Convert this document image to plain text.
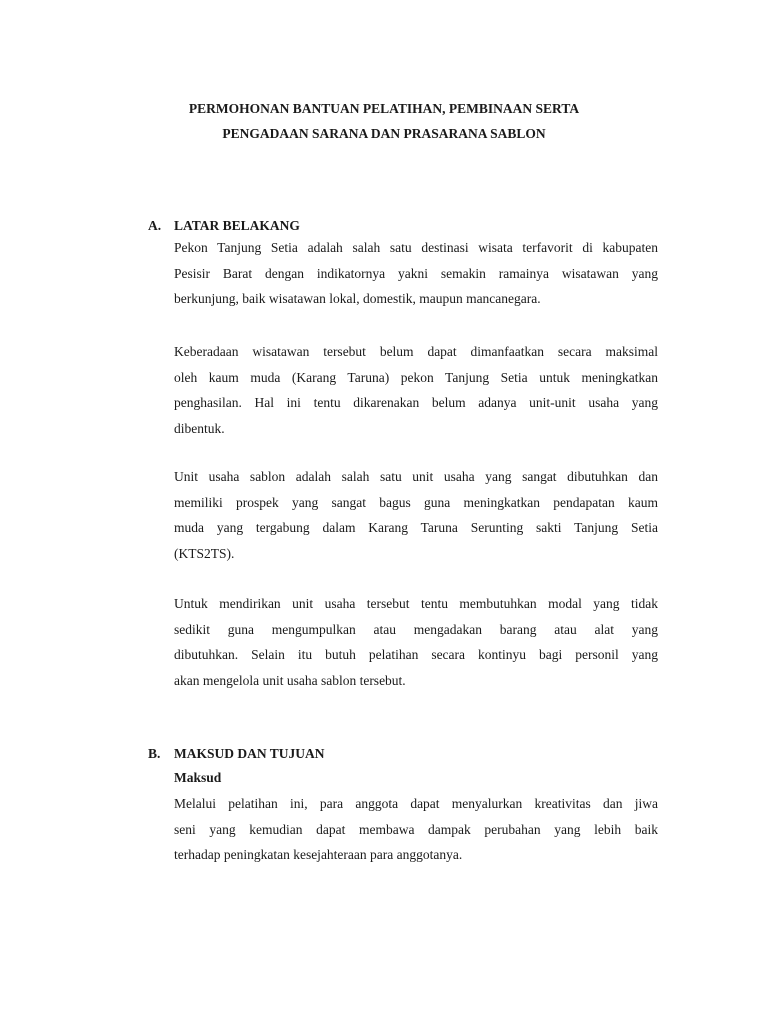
PERMOHONAN BANTUAN PELATIHAN, PEMBINAAN SERTA
PENGADAAN SARANA DAN PRASARANA SABLON
A. LATAR BELAKANG
Pekon Tanjung Setia adalah salah satu destinasi wisata terfavorit di kabupaten
Pesisir Barat dengan indikatornya yakni semakin ramainya wisatawan yang
berkunjung, baik wisatawan lokal, domestik, maupun mancanegara.
Keberadaan wisatawan tersebut belum dapat dimanfaatkan secara maksimal
oleh kaum muda (Karang Taruna) pekon Tanjung Setia untuk meningkatkan
penghasilan. Hal ini tentu dikarenakan belum adanya unit-unit usaha yang
dibentuk.
Unit usaha sablon adalah salah satu unit usaha yang sangat dibutuhkan dan
memiliki prospek yang sangat bagus guna meningkatkan pendapatan kaum
muda yang tergabung dalam Karang Taruna Serunting sakti Tanjung Setia
(KTS2TS).
Untuk mendirikan unit usaha tersebut tentu membutuhkan modal yang tidak
sedikit guna mengumpulkan atau mengadakan barang atau alat yang
dibutuhkan. Selain itu butuh pelatihan secara kontinyu bagi personil yang
akan mengelola unit usaha sablon tersebut.
B. MAKSUD DAN TUJUAN
Maksud
Melalui pelatihan ini, para anggota dapat menyalurkan kreativitas dan jiwa
seni yang kemudian dapat membawa dampak perubahan yang lebih baik
terhadap peningkatan kesejahteraan para anggotanya.
